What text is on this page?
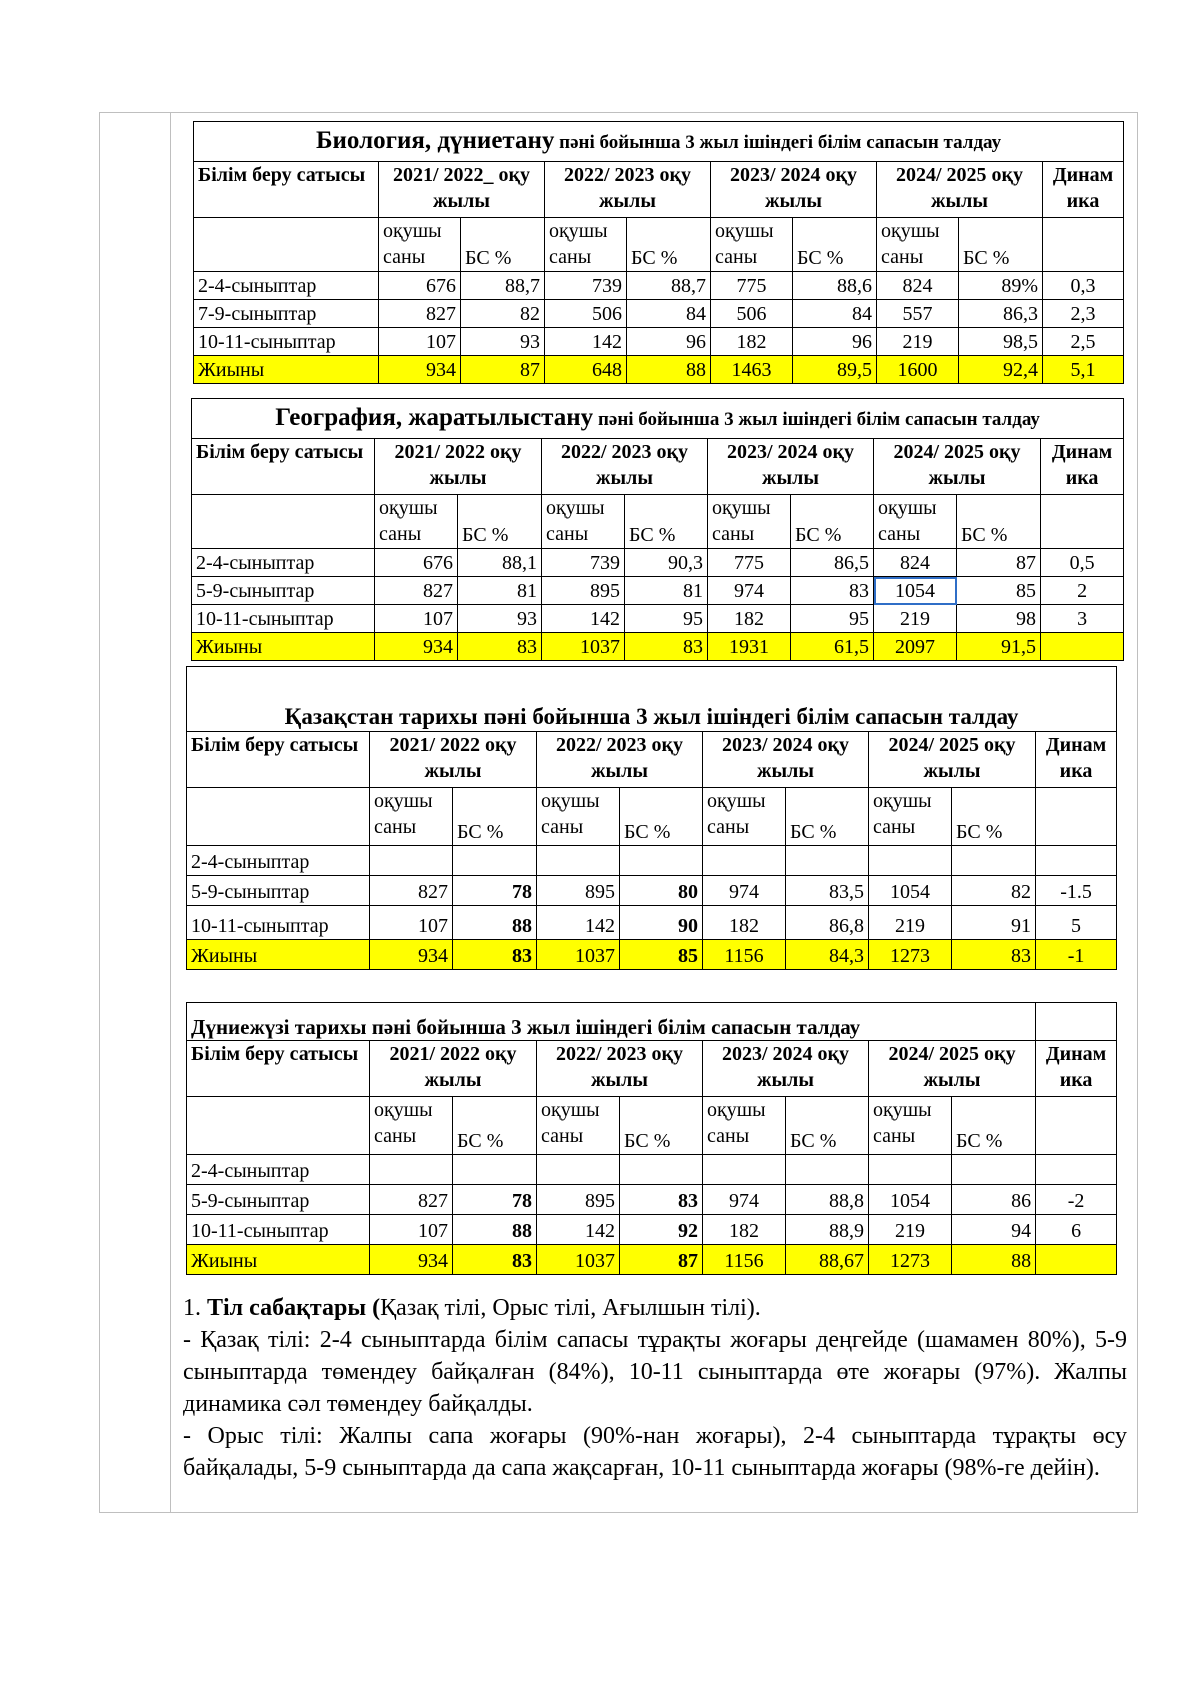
Биология, дүниетану пәні бойынша 3 жыл ішіндегі білім сапасын талдау									
Білім беру сатысы	2021/ 2022_ оқу жылы		2022/ 2023 оқу жылы		2023/ 2024 оқу жылы		2024/ 2025 оқу жылы		Динам ика
	оқушы саны	БС %	оқушы саны	БС %	оқушы саны	БС %	оқушы саны	БС %	
2-4-сыныптар	676	88,7	739	88,7	775	88,6	824	89%	0,3
7-9-сыныптар	827	82	506	84	506	84	557	86,3	2,3
10-11-сыныптар	107	93	142	96	182	96	219	98,5	2,5
Жиыны	934	87	648	88	1463	89,5	1600	92,4	5,1
География, жаратылыстану пәні бойынша 3 жыл ішіндегі білім сапасын талдау									
Білім беру сатысы	2021/ 2022 оқу жылы		2022/ 2023 оқу жылы		2023/ 2024 оқу жылы		2024/ 2025 оқу жылы		Динам ика
	оқушы саны	БС %	оқушы саны	БС %	оқушы саны	БС %	оқушы саны	БС %	
2-4-сыныптар	676	88,1	739	90,3	775	86,5	824	87	0,5
5-9-сыныптар	827	81	895	81	974	83	1054	85	2
10-11-сыныптар	107	93	142	95	182	95	219	98	3
Жиыны	934	83	1037	83	1931	61,5	2097	91,5	
Қазақстан тарихы пәні бойынша 3 жыл ішіндегі білім сапасын талдау									
Білім беру сатысы	2021/ 2022 оқу жылы		2022/ 2023 оқу жылы		2023/ 2024 оқу жылы		2024/ 2025 оқу жылы		Динам ика
	оқушы саны	БС %	оқушы саны	БС %	оқушы саны	БС %	оқушы саны	БС %	
2-4-сыныптар									
5-9-сыныптар	827	78	895	80	974	83,5	1054	82	-1.5
10-11-сыныптар	107	88	142	90	182	86,8	219	91	5
Жиыны	934	83	1037	85	1156	84,3	1273	83	-1
Дүниежүзі тарихы пәні бойынша 3 жыл ішіндегі білім сапасын талдау									
Білім беру сатысы	2021/ 2022 оқу жылы		2022/ 2023 оқу жылы		2023/ 2024 оқу жылы		2024/ 2025 оқу жылы		Динам ика
	оқушы саны	БС %	оқушы саны	БС %	оқушы саны	БС %	оқушы саны	БС %	
2-4-сыныптар									
5-9-сыныптар	827	78	895	83	974	88,8	1054	86	-2
10-11-сыныптар	107	88	142	92	182	88,9	219	94	6
Жиыны	934	83	1037	87	1156	88,67	1273	88	

1. Тіл сабақтары (Қазақ тілі, Орыс тілі, Ағылшын тілі).

- Қазақ тілі: 2-4 сыныптарда білім сапасы тұрақты жоғары деңгейде (шамамен 80%), 5-9 сыныптарда төмендеу байқалған (84%), 10-11 сыныптарда өте жоғары (97%). Жалпы динамика сәл төмендеу байқалды.

- Орыс тілі: Жалпы сапа жоғары (90%-нан жоғары), 2-4 сыныптарда тұрақты өсу байқалады, 5-9 сыныптарда да сапа жақсарған, 10-11 сыныптарда жоғары (98%-ге дейін).
